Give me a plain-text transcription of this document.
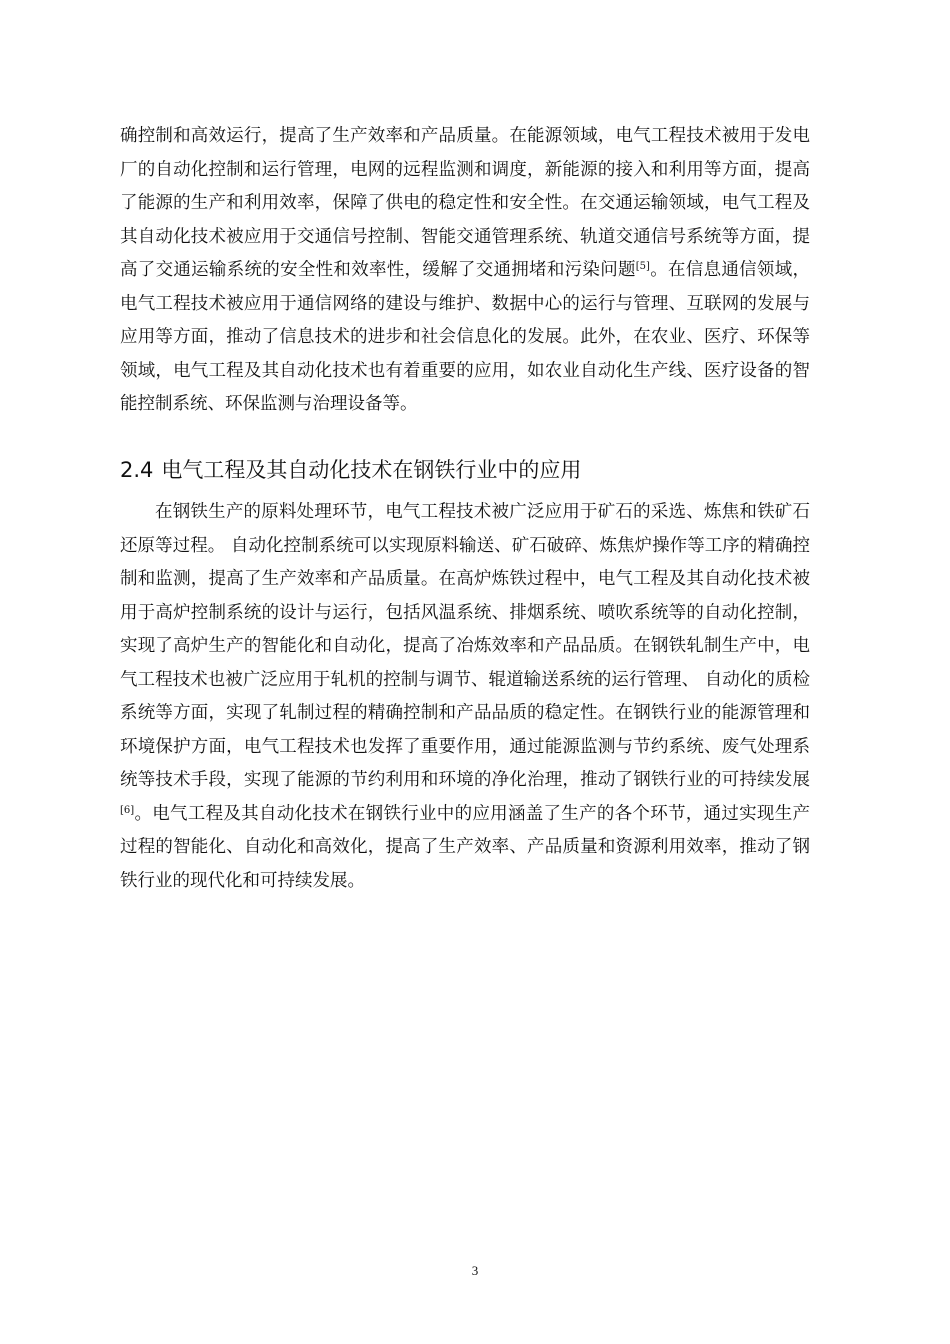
确控制和高效运行，提高了生产效率和产品质量。在能源领域，电气工程技术被用于发电厂的自动化控制和运行管理，电网的远程监测和调度，新能源的接入和利用等方面，提高了能源的生产和利用效率，保障了供电的稳定性和安全性。在交通运输领域，电气工程及其自动化技术被应用于交通信号控制、智能交通管理系统、轨道交通信号系统等方面，提高了交通运输系统的安全性和效率性，缓解了交通拥堵和污染问题[5]。在信息通信领域，电气工程技术被应用于通信网络的建设与维护、数据中心的运行与管理、互联网的发展与应用等方面，推动了信息技术的进步和社会信息化的发展。此外，在农业、医疗、环保等领域，电气工程及其自动化技术也有着重要的应用，如农业自动化生产线、医疗设备的智能控制系统、环保监测与治理设备等。

2.4 电气工程及其自动化技术在钢铁行业中的应用

在钢铁生产的原料处理环节，电气工程技术被广泛应用于矿石的采选、炼焦和铁矿石还原等过程。 自动化控制系统可以实现原料输送、矿石破碎、炼焦炉操作等工序的精确控制和监测，提高了生产效率和产品质量。在高炉炼铁过程中，电气工程及其自动化技术被用于高炉控制系统的设计与运行，包括风温系统、排烟系统、喷吹系统等的自动化控制，实现了高炉生产的智能化和自动化，提高了冶炼效率和产品品质。在钢铁轧制生产中，电气工程技术也被广泛应用于轧机的控制与调节、辊道输送系统的运行管理、 自动化的质检系统等方面，实现了轧制过程的精确控制和产品品质的稳定性。在钢铁行业的能源管理和环境保护方面，电气工程技术也发挥了重要作用，通过能源监测与节约系统、废气处理系统等技术手段，实现了能源的节约利用和环境的净化治理，推动了钢铁行业的可持续发展[6]。电气工程及其自动化技术在钢铁行业中的应用涵盖了生产的各个环节，通过实现生产过程的智能化、自动化和高效化，提高了生产效率、产品质量和资源利用效率，推动了钢铁行业的现代化和可持续发展。

3
